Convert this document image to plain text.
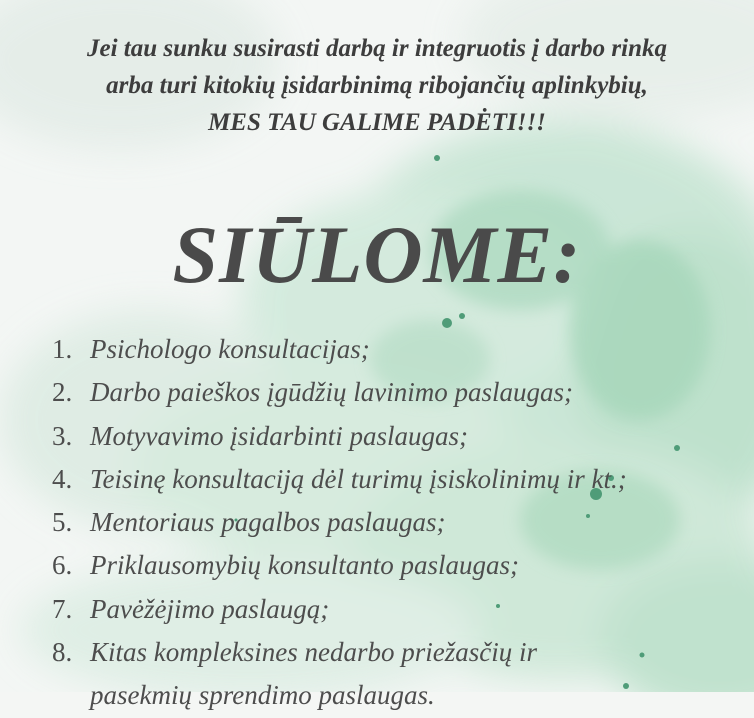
Jei tau sunku susirasti darbą ir integruotis į darbo rinką
arba turi kitokių įsidarbinimą ribojančių aplinkybių,
MES TAU GALIME PADĖTI!!!
SIŪLOME:
1. Psichologo konsultacijas;
2. Darbo paieškos įgūdžių lavinimo paslaugas;
3. Motyvavimo įsidarbinti paslaugas;
4. Teisinę konsultaciją dėl turimų įsiskolinimų ir kt.;
5. Mentoriaus pagalbos paslaugas;
6. Priklausomybių konsultanto paslaugas;
7. Pavėžėjimo paslaugą;
8. Kitas kompleksines nedarbo priežasčių ir
pasekmių sprendimo paslaugas.
